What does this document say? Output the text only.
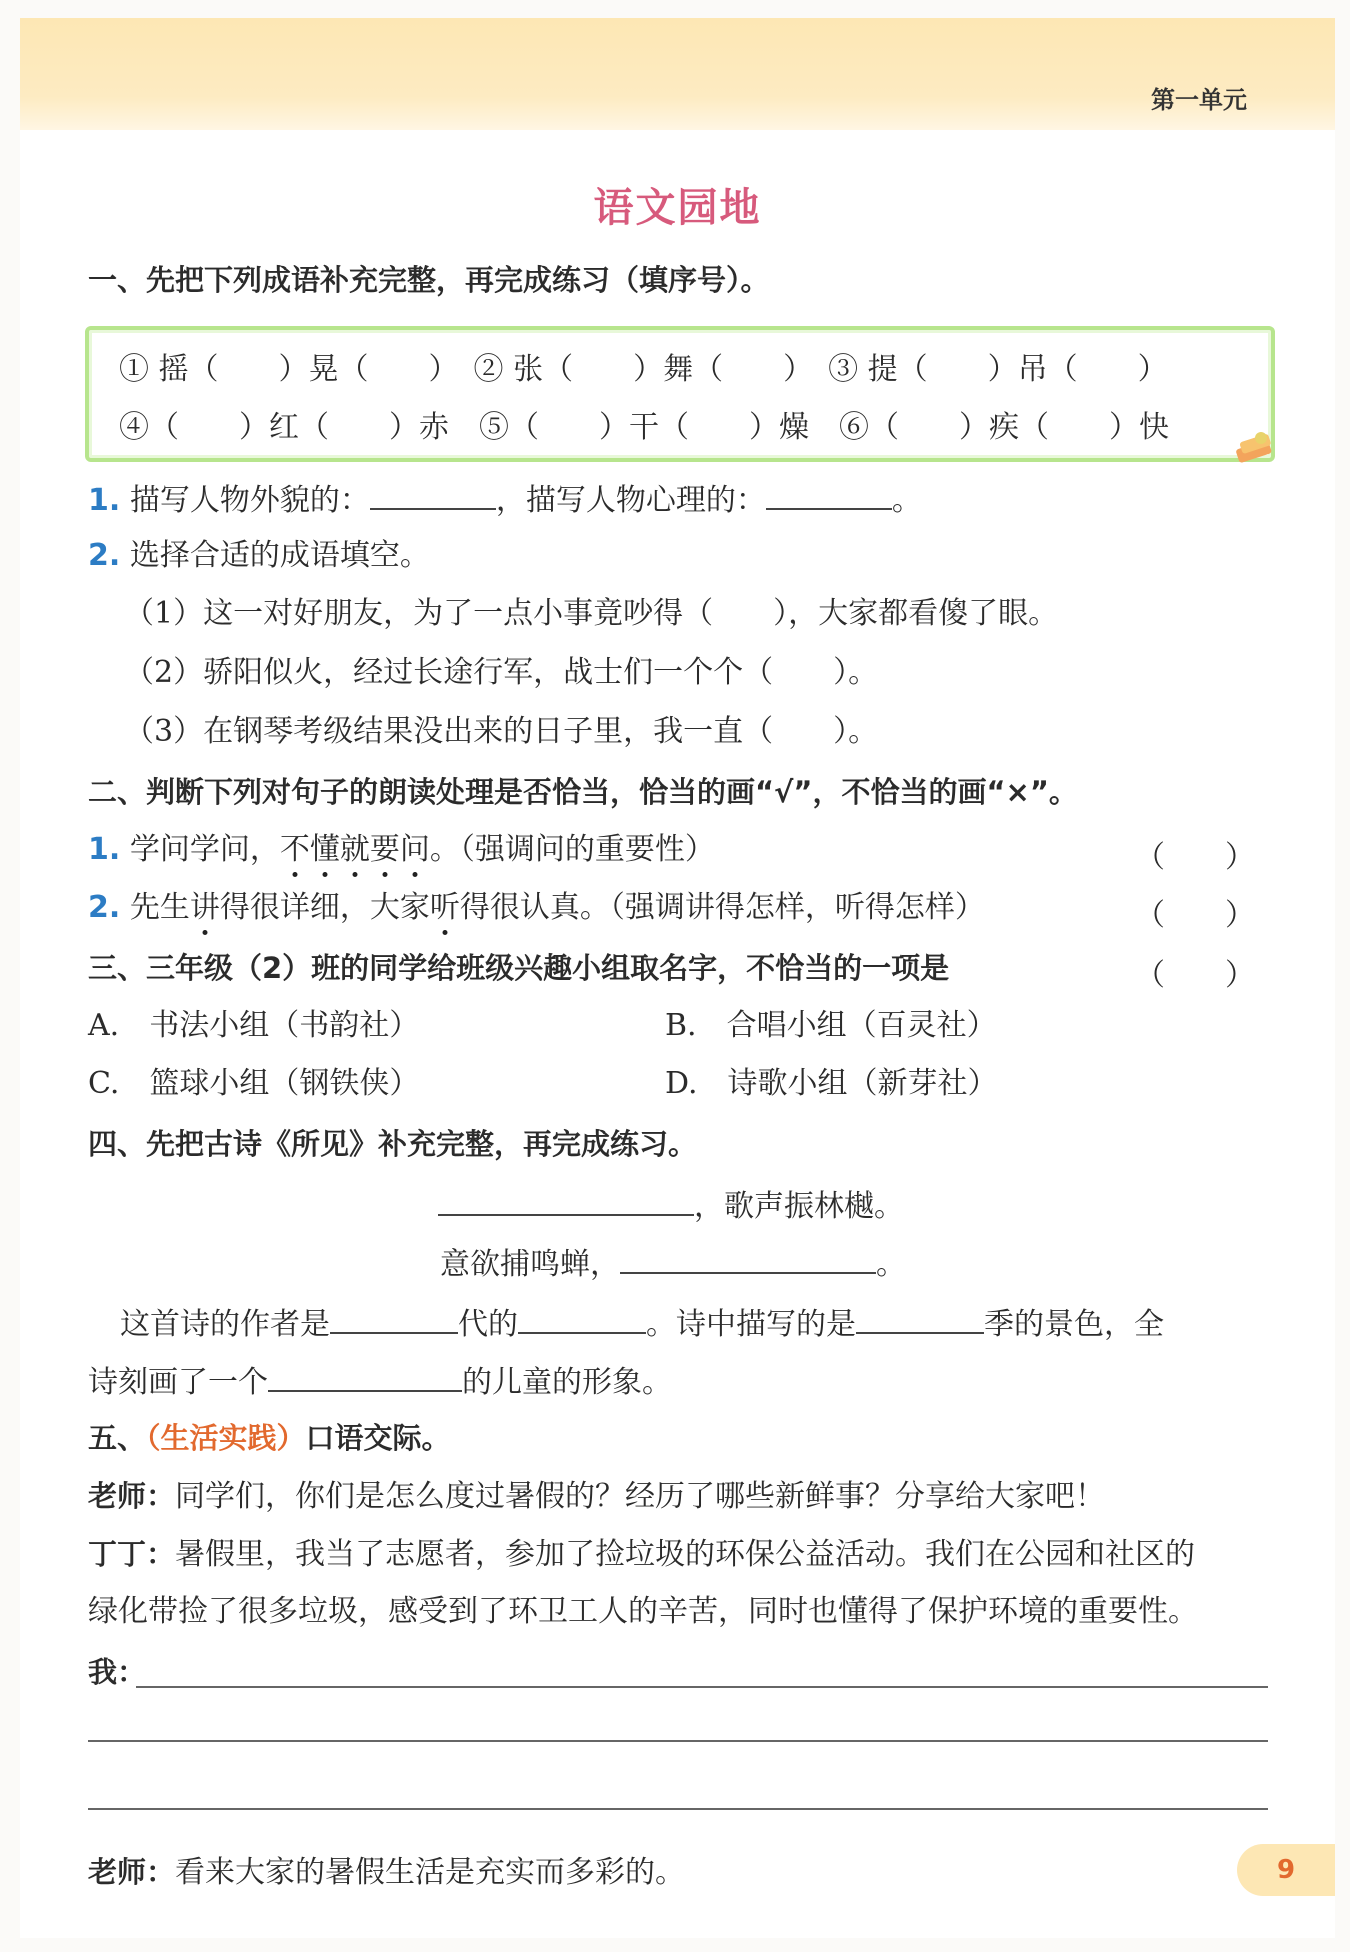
第一单元
语文园地
一、先把下列成语补充完整，再完成练习（填序号）。
① 摇（　　）晃（　　）　② 张（　　）舞（　　）　③ 提（　　）吊（　　）
④（　　）红（　　）赤　⑤（　　）干（　　）燥　⑥（　　）疾（　　）快
1. 描写人物外貌的：	，描写人物心理的：	。
2. 选择合适的成语填空。
（1）这一对好朋友，为了一点小事竟吵得（　　），大家都看傻了眼。
（2）骄阳似火，经过长途行军，战士们一个个（　　）。
（3）在钢琴考级结果没出来的日子里，我一直（　　）。
二、判断下列对句子的朗读处理是否恰当，恰当的画“√”，不恰当的画“×”。
1. 学问学问，不懂就要问。（强调问的重要性）	（　　）
2. 先生讲得很详细，大家听得很认真。（强调讲得怎样，听得怎样）	（　　）
三、三年级（2）班的同学给班级兴趣小组取名字，不恰当的一项是	（　　）
A.　书法小组（书韵社）	B.　合唱小组（百灵社）
C.　篮球小组（钢铁侠）	D.　诗歌小组（新芽社）
四、先把古诗《所见》补充完整，再完成练习。
，歌声振林樾。
意欲捕鸣蝉，	。
这首诗的作者是	代的	。诗中描写的是	季的景色，全
诗刻画了一个	的儿童的形象。
五、（生活实践）口语交际。
老师：同学们，你们是怎么度过暑假的？经历了哪些新鲜事？分享给大家吧！
丁丁：暑假里，我当了志愿者，参加了捡垃圾的环保公益活动。我们在公园和社区的
绿化带捡了很多垃圾，感受到了环卫工人的辛苦，同时也懂得了保护环境的重要性。
我：
老师：看来大家的暑假生活是充实而多彩的。	9
